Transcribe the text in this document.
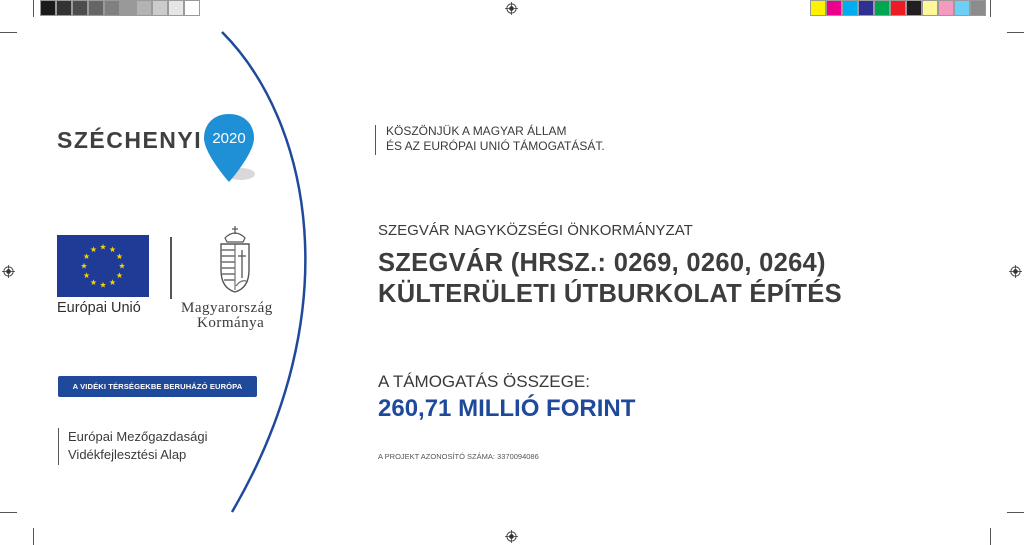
SZÉCHENYI 2020
Európai Unió	Magyarország
Kormánya
A VIDÉKI TÉRSÉGEKBE BERUHÁZÓ EURÓPA
Európai Mezőgazdasági
Vidékfejlesztési Alap
KÖSZÖNJÜK A MAGYAR ÁLLAM
ÉS AZ EURÓPAI UNIÓ TÁMOGATÁSÁT.
SZEGVÁR NAGYKÖZSÉGI ÖNKORMÁNYZAT
SZEGVÁR (HRSZ.: 0269, 0260, 0264)
KÜLTERÜLETI ÚTBURKOLAT ÉPÍTÉS
A TÁMOGATÁS ÖSSZEGE:
260,71 MILLIÓ FORINT
A PROJEKT AZONOSÍTÓ SZÁMA: 3370094086
